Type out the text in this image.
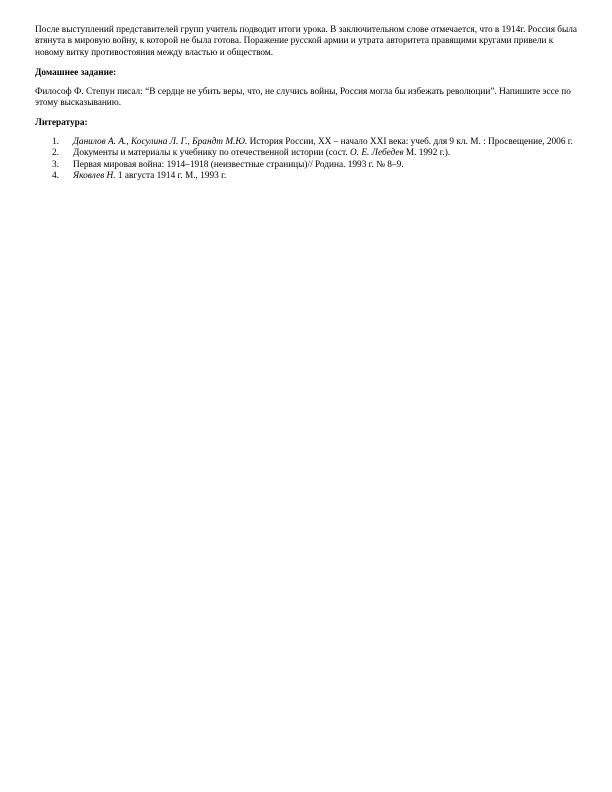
После выступлений представителей групп учитель подводит итоги урока. В заключительном слове отмечается, что в 1914г. Россия была втянута в мировую войну, к которой не была готова. Поражение русской армии и утрата авторитета правящими кругами привели к новому витку противостояния между властью и обществом.

Домашнее задание:

Философ Ф. Степун писал: “В сердце не убить веры, что, не случись войны, Россия могла бы избежать революции”. Напишите эссе по этому высказыванию.

Литература:

1. Данилов А. А., Косулина Л. Г., Брандт М.Ю. История России, XX – начало XXI века: учеб. для 9 кл. М. : Просвещение, 2006 г.
2. Документы и материалы к учебнику по отечественной истории (сост. О. Е. Лебедев М. 1992 г.).
3. Первая мировая война: 1914–1918 (неизвестные страницы)// Родина. 1993 г. № 8–9.
4. Яковлев Н. 1 августа 1914 г. М., 1993 г.
